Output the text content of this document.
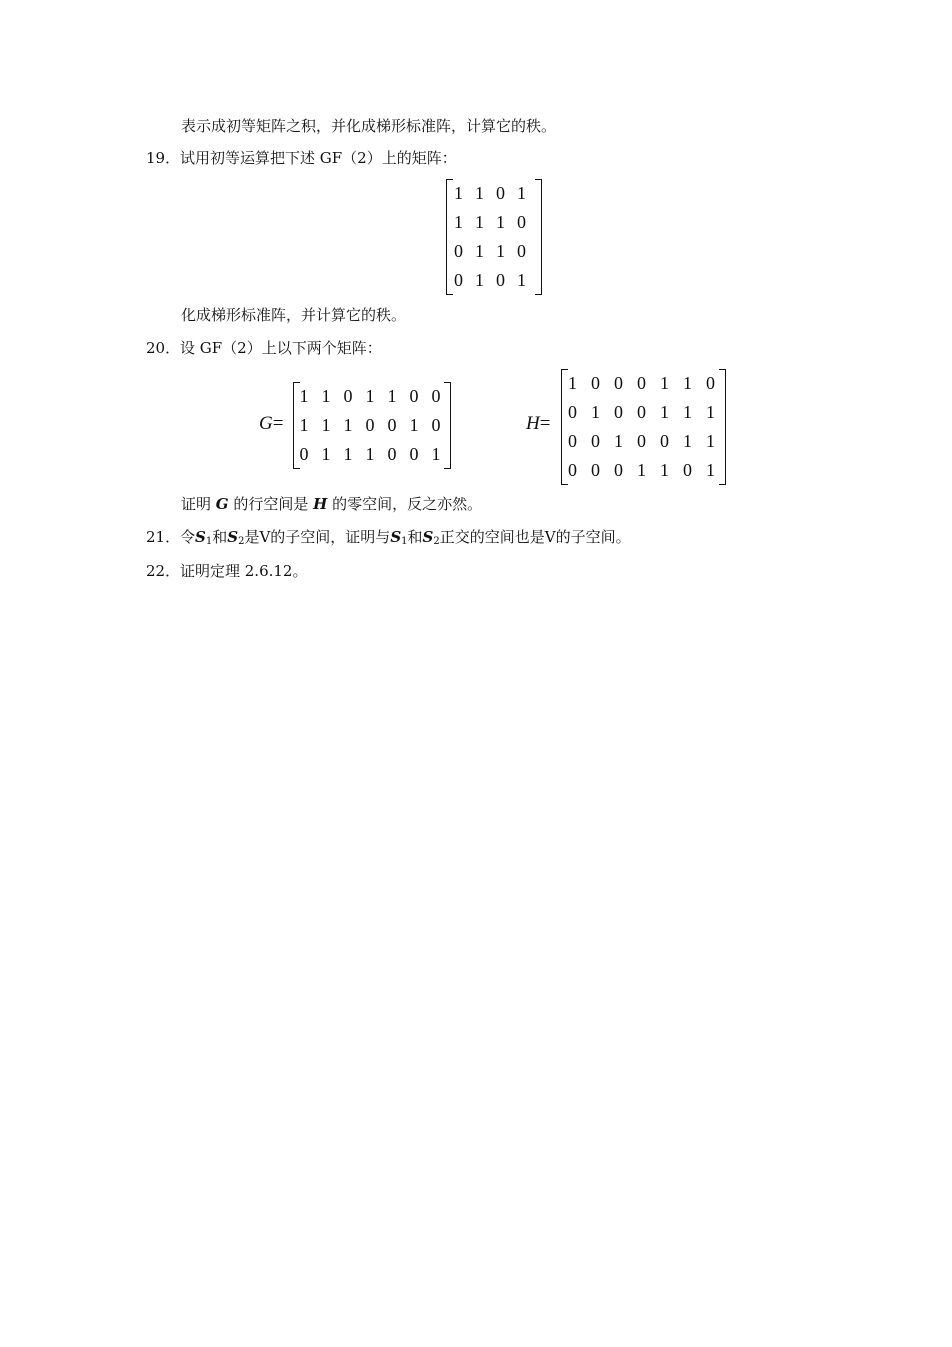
表示成初等矩阵之积，并化成梯形标准阵，计算它的秩。
19．试用初等运算把下述 GF（2）上的矩阵：
1	1	0	1
1	1	1	0
0	1	1	0
0	1	0	1
化成梯形标准阵，并计算它的秩。
20．设 GF（2）上以下两个矩阵：
G=
1	1	0	1	1	0	0
1	1	1	0	0	1	0
0	1	1	1	0	0	1
H=
1	0	0	0	1	1	0
0	1	0	0	1	1	1
0	0	1	0	0	1	1
0	0	0	1	1	0	1
证明 G 的行空间是 H 的零空间，反之亦然。
21．令$S_1$和$S_2$是V的子空间，证明与$S_1$和$S_2$正交的空间也是V的子空间。
22．证明定理 2.6.12。
